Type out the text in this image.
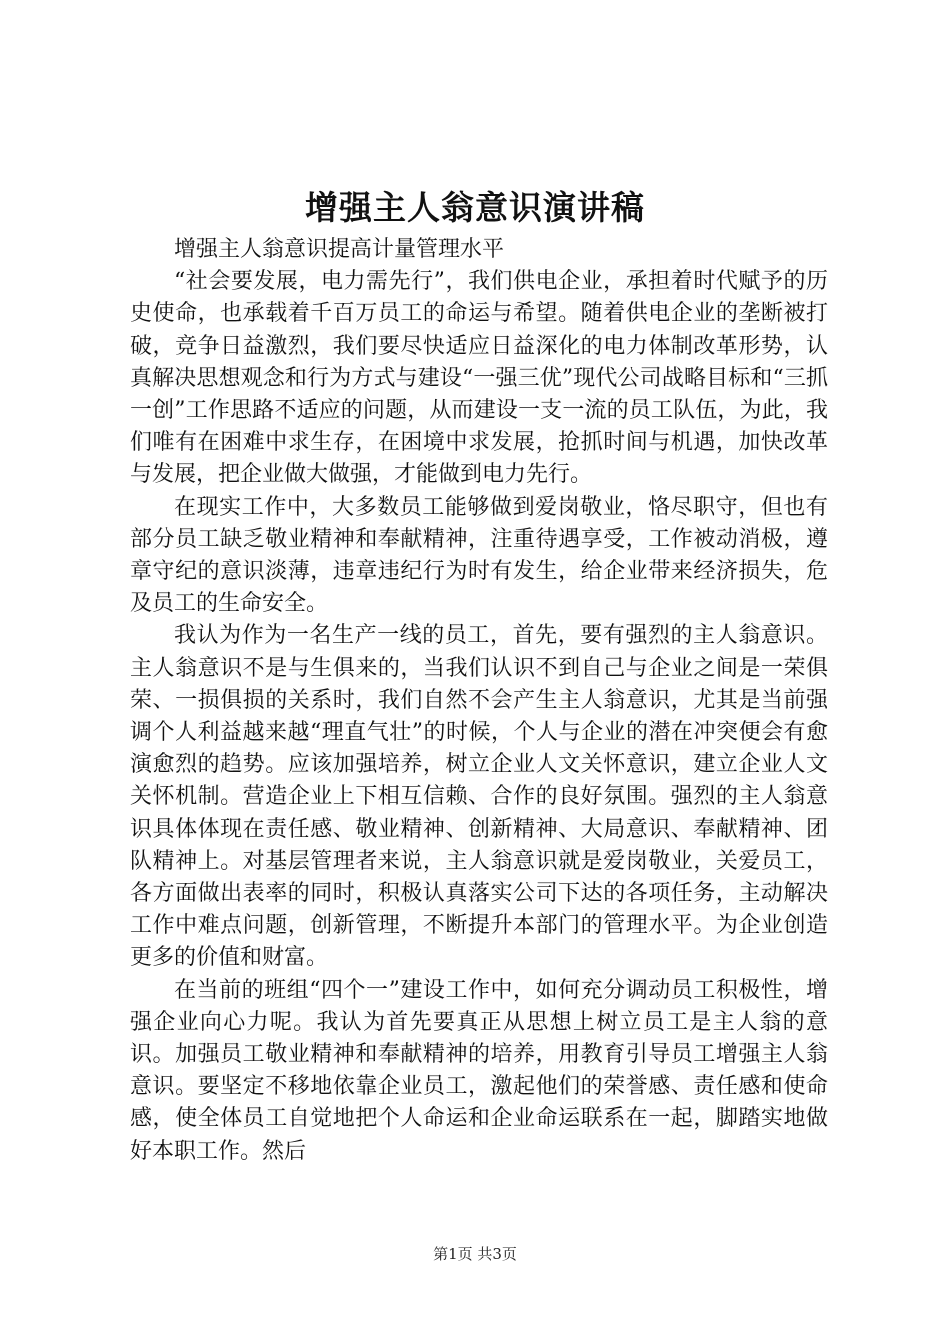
增强主人翁意识演讲稿

增强主人翁意识提高计量管理水平

“社会要发展，电力需先行”，我们供电企业，承担着时代赋予的历史使命，也承载着千百万员工的命运与希望。随着供电企业的垄断被打破，竞争日益激烈，我们要尽快适应日益深化的电力体制改革形势，认真解决思想观念和行为方式与建设“一强三优”现代公司战略目标和“三抓一创”工作思路不适应的问题，从而建设一支一流的员工队伍，为此，我们唯有在困难中求生存，在困境中求发展，抢抓时间与机遇，加快改革与发展，把企业做大做强，才能做到电力先行。

在现实工作中，大多数员工能够做到爱岗敬业，恪尽职守，但也有部分员工缺乏敬业精神和奉献精神，注重待遇享受，工作被动消极，遵章守纪的意识淡薄，违章违纪行为时有发生，给企业带来经济损失，危及员工的生命安全。

我认为作为一名生产一线的员工，首先，要有强烈的主人翁意识。主人翁意识不是与生俱来的，当我们认识不到自己与企业之间是一荣俱荣、一损俱损的关系时，我们自然不会产生主人翁意识，尤其是当前强调个人利益越来越“理直气壮”的时候，个人与企业的潜在冲突便会有愈演愈烈的趋势。应该加强培养，树立企业人文关怀意识，建立企业人文关怀机制。营造企业上下相互信赖、合作的良好氛围。强烈的主人翁意识具体体现在责任感、敬业精神、创新精神、大局意识、奉献精神、团队精神上。对基层管理者来说，主人翁意识就是爱岗敬业，关爱员工，各方面做出表率的同时，积极认真落实公司下达的各项任务，主动解决工作中难点问题，创新管理，不断提升本部门的管理水平。为企业创造更多的价值和财富。

在当前的班组“四个一”建设工作中，如何充分调动员工积极性，增强企业向心力呢。我认为首先要真正从思想上树立员工是主人翁的意识。加强员工敬业精神和奉献精神的培养，用教育引导员工增强主人翁意识。要坚定不移地依靠企业员工，激起他们的荣誉感、责任感和使命感，使全体员工自觉地把个人命运和企业命运联系在一起，脚踏实地做好本职工作。然后

第1页 共3页
